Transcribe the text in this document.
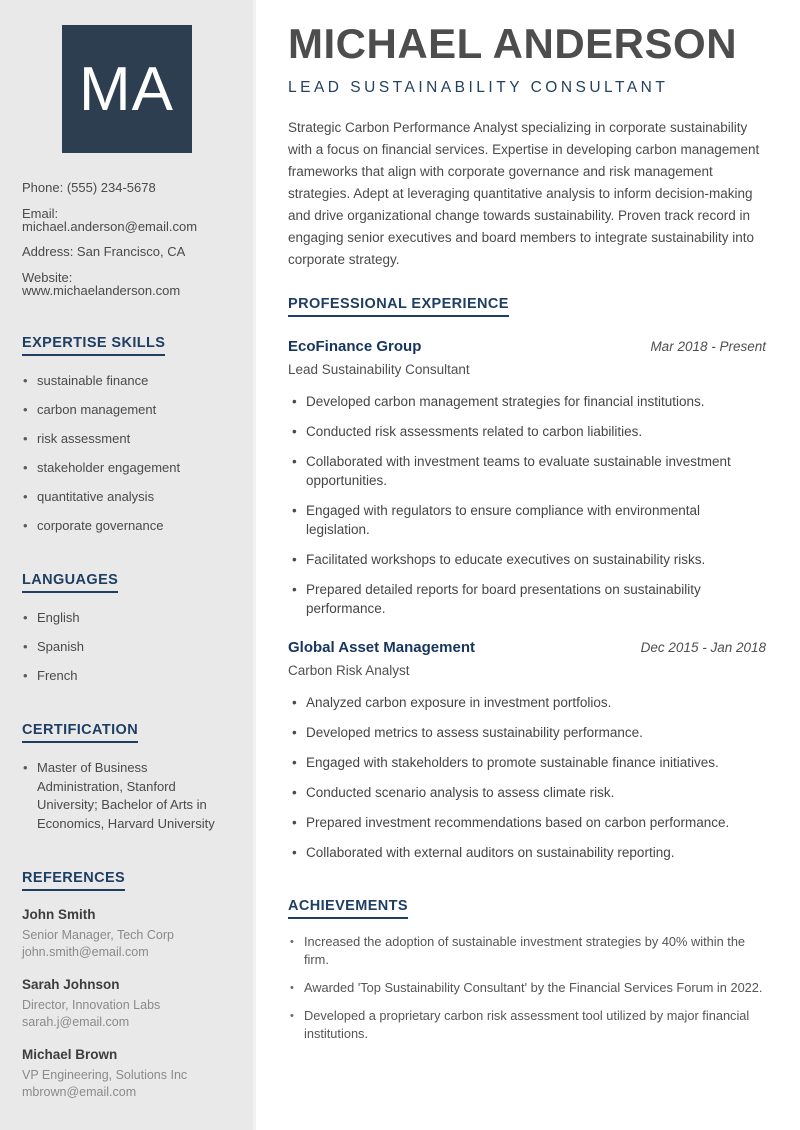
MA
Phone: (555) 234-5678
Email: michael.anderson@email.com
Address: San Francisco, CA
Website: www.michaelanderson.com
EXPERTISE SKILLS
• sustainable finance
• carbon management
• risk assessment
• stakeholder engagement
• quantitative analysis
• corporate governance
LANGUAGES
• English
• Spanish
• French
CERTIFICATION
• Master of Business Administration, Stanford University; Bachelor of Arts in Economics, Harvard University
REFERENCES
John Smith
Senior Manager, Tech Corp
john.smith@email.com
Sarah Johnson
Director, Innovation Labs
sarah.j@email.com
Michael Brown
VP Engineering, Solutions Inc
mbrown@email.com
MICHAEL ANDERSON
LEAD SUSTAINABILITY CONSULTANT

Strategic Carbon Performance Analyst specializing in corporate sustainability with a focus on financial services. Expertise in developing carbon management frameworks that align with corporate governance and risk management strategies. Adept at leveraging quantitative analysis to inform decision-making and drive organizational change towards sustainability. Proven track record in engaging senior executives and board members to integrate sustainability into corporate strategy.

PROFESSIONAL EXPERIENCE
EcoFinance Group	Mar 2018 - Present
Lead Sustainability Consultant
• Developed carbon management strategies for financial institutions.
• Conducted risk assessments related to carbon liabilities.
• Collaborated with investment teams to evaluate sustainable investment opportunities.
• Engaged with regulators to ensure compliance with environmental legislation.
• Facilitated workshops to educate executives on sustainability risks.
• Prepared detailed reports for board presentations on sustainability performance.
Global Asset Management	Dec 2015 - Jan 2018
Carbon Risk Analyst
• Analyzed carbon exposure in investment portfolios.
• Developed metrics to assess sustainability performance.
• Engaged with stakeholders to promote sustainable finance initiatives.
• Conducted scenario analysis to assess climate risk.
• Prepared investment recommendations based on carbon performance.
• Collaborated with external auditors on sustainability reporting.
ACHIEVEMENTS
• Increased the adoption of sustainable investment strategies by 40% within the firm.
• Awarded 'Top Sustainability Consultant' by the Financial Services Forum in 2022.
• Developed a proprietary carbon risk assessment tool utilized by major financial institutions.
